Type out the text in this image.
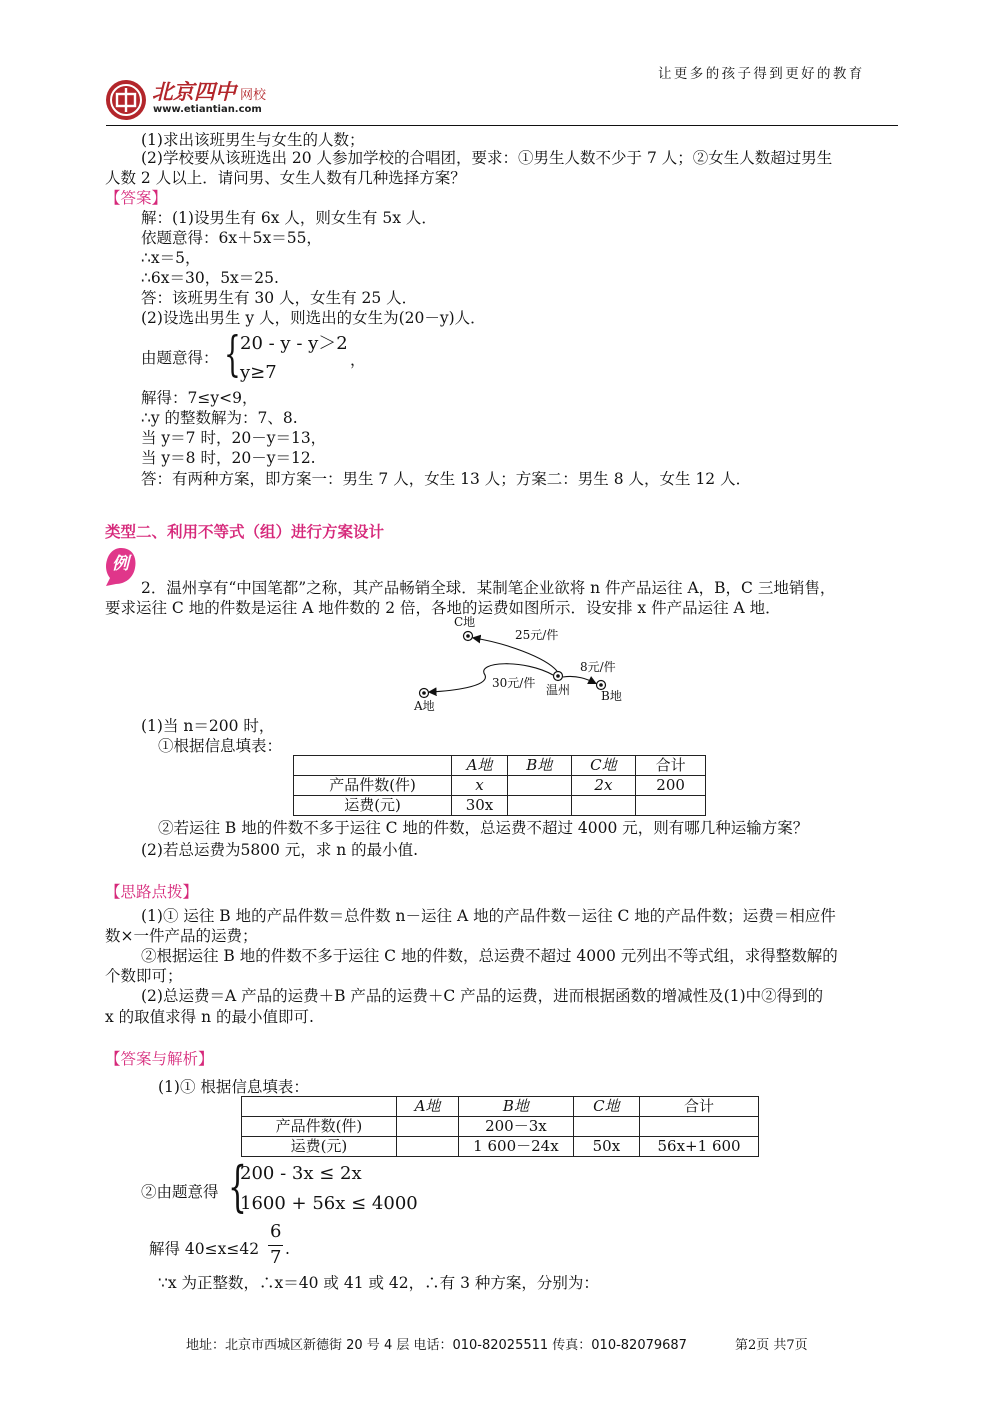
北京四中 网校
www.etiantian.com
让更多的孩子得到更好的教育
(1)求出该班男生与女生的人数；
(2)学校要从该班选出 20 人参加学校的合唱团，要求：①男生人数不少于 7 人；②女生人数超过男生
人数 2 人以上．请问男、女生人数有几种选择方案？
【答案】
解：(1)设男生有 6x 人，则女生有 5x 人．
依题意得：6x＋5x＝55，
∴x＝5，
∴6x＝30，5x＝25.
答：该班男生有 30 人，女生有 25 人．
(2)设选出男生 y 人，则选出的女生为(20－y)人．
由题意得： { 20 - y - y＞2
y≥7
，
解得：7≤y<9，
∴y 的整数解为：7、8.
当 y＝7 时，20－y＝13，
当 y＝8 时，20－y＝12.
答：有两种方案，即方案一：男生 7 人，女生 13 人；方案二：男生 8 人，女生 12 人．
类型二、利用不等式（组）进行方案设计
例
2．温州享有“中国笔都”之称，其产品畅销全球．某制笔企业欲将 n 件产品运往 A，B，C 三地销售，
要求运往 C 地的件数是运往 A 地件数的 2 倍，各地的运费如图所示．设安排 x 件产品运往 A 地．
C地
25元/件
8元/件
30元/件 温州	B地
A地
(1)当 n＝200 时，
①根据信息填表：
	A地	B地	C地	合计
产品件数(件)	x		2x	200
运费(元)	30x			
②若运往 B 地的件数不多于运往 C 地的件数，总运费不超过 4000 元，则有哪几种运输方案？
(2)若总运费为5800 元，求 n 的最小值.
【思路点拨】
(1)① 运往 B 地的产品件数＝总件数 n－运往 A 地的产品件数－运往 C 地的产品件数；运费＝相应件
数×一件产品的运费；
②根据运往 B 地的件数不多于运往 C 地的件数，总运费不超过 4000 元列出不等式组，求得整数解的
个数即可；
(2)总运费＝A 产品的运费＋B 产品的运费＋C 产品的运费，进而根据函数的增减性及(1)中②得到的
x 的取值求得 n 的最小值即可.
【答案与解析】
(1)① 根据信息填表：
	A地	B地	C地	合计
产品件数(件)		200－3x		
运费(元)		1 600－24x	50x	56x+1 600
②由题意得 {
200 - 3x ≤ 2x
1600 + 56x ≤ 4000
解得 40≤x≤42
6
7 .
∵x 为正整数，∴x＝40 或 41 或 42，∴有 3 种方案，分别为：
地址：北京市西城区新德街 20 号 4 层 电话：010-82025511 传真：010-82079687	第2页 共7页
